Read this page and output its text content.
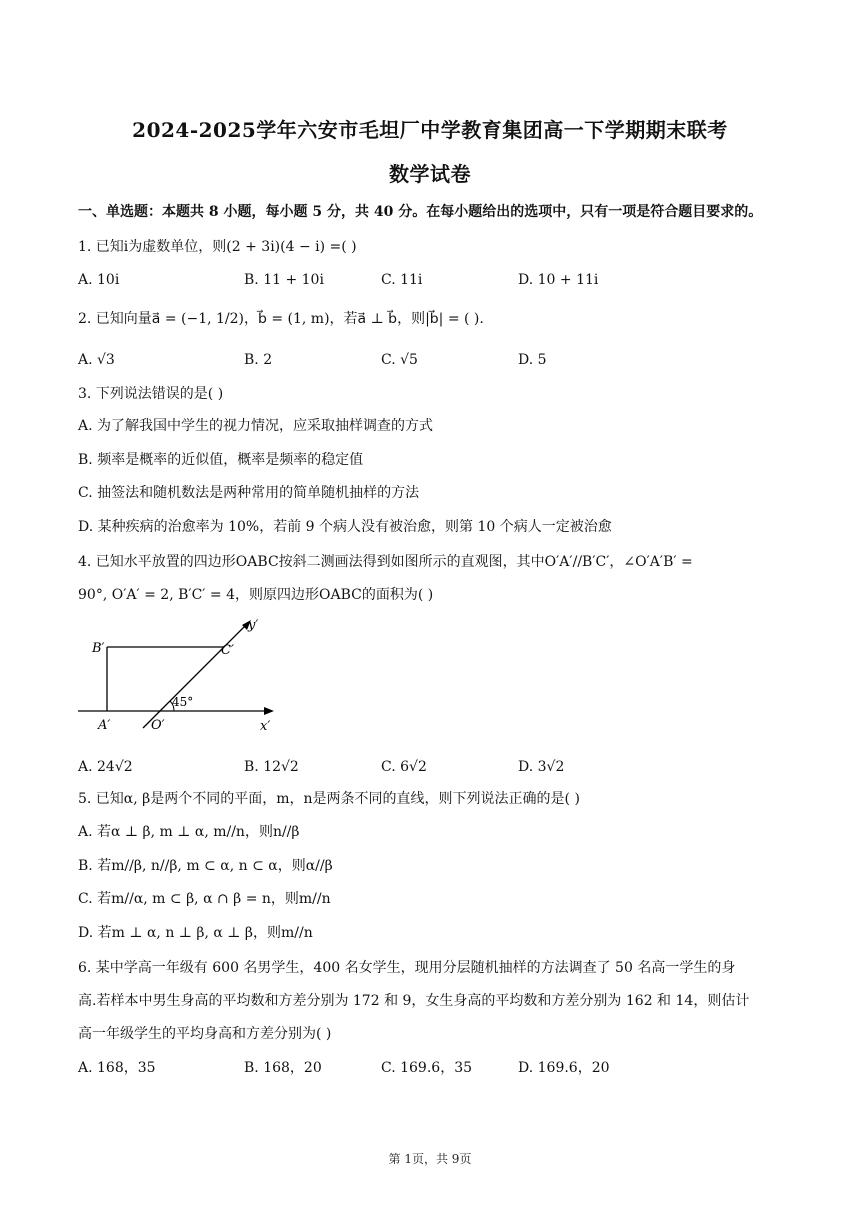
2024-2025学年六安市毛坦厂中学教育集团高一下学期期末联考
数学试卷
一、单选题：本题共 8 小题，每小题 5 分，共 40 分。在每小题给出的选项中，只有一项是符合题目要求的。
1. 已知i为虚数单位，则(2 + 3i)(4 − i) =( )
A. 10i	B. 11 + 10i	C. 11i	D. 10 + 11i
2. 已知向量a⃗ = (−1, 1/2)，b⃗ = (1, m)，若a⃗ ⊥ b⃗，则|b⃗| = ( ).
A. √3	B. 2	C. √5	D. 5
3. 下列说法错误的是( )
A. 为了解我国中学生的视力情况，应采取抽样调查的方式
B. 频率是概率的近似值，概率是频率的稳定值
C. 抽签法和随机数法是两种常用的简单随机抽样的方法
D. 某种疾病的治愈率为 10%，若前 9 个病人没有被治愈，则第 10 个病人一定被治愈
4. 已知水平放置的四边形OABC按斜二测画法得到如图所示的直观图，其中O′A′//B′C′，∠O′A′B′ =
90°, O′A′ = 2, B′C′ = 4，则原四边形OABC的面积为( )
B′	C′
y′
A′	O′	x′
45°
A. 24√2	B. 12√2	C. 6√2	D. 3√2
5. 已知α, β是两个不同的平面，m，n是两条不同的直线，则下列说法正确的是( )
A. 若α ⊥ β, m ⊥ α, m//n，则n//β
B. 若m//β, n//β, m ⊂ α, n ⊂ α，则α//β
C. 若m//α, m ⊂ β, α ∩ β = n，则m//n
D. 若m ⊥ α, n ⊥ β, α ⊥ β，则m//n
6. 某中学高一年级有 600 名男学生，400 名女学生，现用分层随机抽样的方法调查了 50 名高一学生的身
高.若样本中男生身高的平均数和方差分别为 172 和 9，女生身高的平均数和方差分别为 162 和 14，则估计
高一年级学生的平均身高和方差分别为( )
A. 168，35	B. 168，20	C. 169.6，35	D. 169.6，20
第 1页，共 9页
